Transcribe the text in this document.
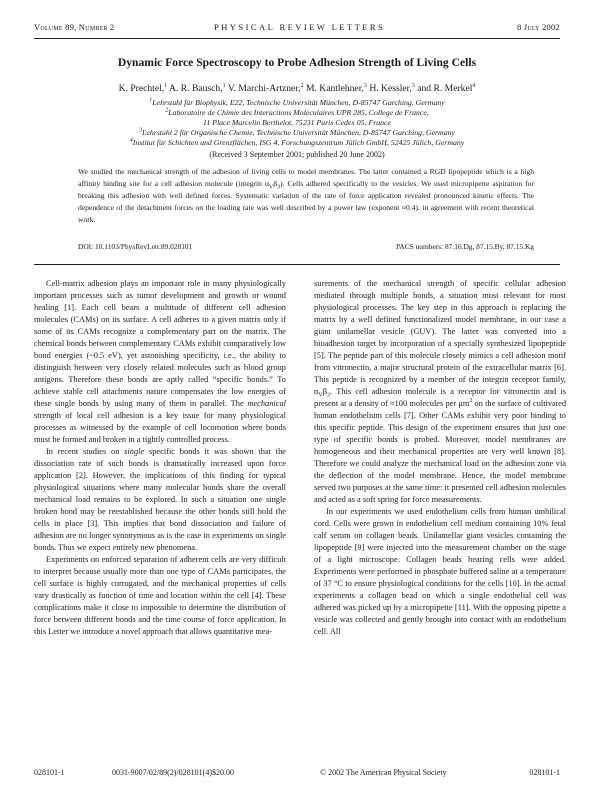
Volume 89, Number 2	PHYSICAL REVIEW LETTERS	8 July 2002
Dynamic Force Spectroscopy to Probe Adhesion Strength of Living Cells

K. Prechtel,$^1$ A. R. Bausch,$^1$ V. Marchi-Artzner,$^2$ M. Kantlehner,$^3$ H. Kessler,$^3$ and R. Merkel$^4$

$^1$Lehrstuhl für Biophysik, E22, Technische Universität München, D-85747 Garching, Germany

$^2$Laboratoire de Chimie des Interactions Moleculaires UPR 285, College de France,

11 Place Marcelin Berthelot, 75231 Paris Cedex 05, France

$^3$Lehrstuhl 2 für Organische Chemie, Technische Universität München, D-85747 Garching, Germany

$^4$Institut für Schichten und Grenzflächen, ISG 4, Forschungszentrum Jülich GmbH, 52425 Jülich, Germany

(Received 3 September 2001; published 20 June 2002)

We studied the mechanical strength of the adhesion of living cells to model membranes. The latter contained a RGD lipopeptide which is a high affinity binding site for a cell adhesion molecule (integrin $\alpha_V\beta_3$). Cells adhered specifically to the vesicles. We used micropipette aspiration for breaking this adhesion with well defined forces. Systematic variation of the rate of force application revealed pronounced kinetic effects. The dependence of the detachment forces on the loading rate was well described by a power law (exponent ≈0.4), in agreement with recent theoretical work.

DOI: 10.1103/PhysRevLett.89.028101	PACS numbers: 87.16.Dg, 87.15.By, 87.15.Kg

Cell-matrix adhesion plays an important role in many physiologically important processes such as tumor development and growth or wound healing [1]. Each cell bears a multitude of different cell adhesion molecules (CAMs) on its surface. A cell adheres to a given matrix only if some of its CAMs recognize a complementary part on the matrix. The chemical bonds between complementary CAMs exhibit comparatively low bond energies (~0.5 eV), yet astonishing specificity, i.e., the ability to distinguish between very closely related molecules such as blood group antigens. Therefore these bonds are aptly called “specific bonds.” To achieve stable cell attachments nature compensates the low energies of these single bonds by using many of them in parallel. The mechanical strength of local cell adhesion is a key issue for many physiological processes as witnessed by the example of cell locomotion where bonds must be formed and broken in a tightly controlled process.

In recent studies on single specific bonds it was shown that the dissociation rate of such bonds is dramatically increased upon force application [2]. However, the implications of this finding for typical physiological situations where many molecular bonds share the overall mechanical load remains to be explored. In such a situation one single broken bond may be reestablished because the other bonds still hold the cells in place [3]. This implies that bond dissociation and failure of adhesion are no longer synonymous as is the case in experiments on single bonds. Thus we expect entirely new phenomena.

Experiments on enforced separation of adherent cells are very difficult to interpret because usually more than one type of CAMs participates, the cell surface is highly corrugated, and the mechanical properties of cells vary drastically as function of time and location within the cell [4]. These complications make it close to impossible to determine the distribution of force between different bonds and the time course of force application. In this Letter we introduce a novel approach that allows quantitative mea-

surements of the mechanical strength of specific cellular adhesion mediated through multiple bonds, a situation most relevant for most physiological processes. The key step in this approach is replacing the matrix by a well defined functionalized model membrane, in our case a giant unilamellar vesicle (GUV). The latter was converted into a bioadhesion target by incorporation of a specially synthesized lipopeptide [5]. The peptide part of this molecule closely mimics a cell adhesion motif from vitronectin, a major structural protein of the extracellular matrix [6]. This peptide is recognized by a member of the integrin receptor family, $\alpha_V\beta_3$. This cell adhesion molecule is a receptor for vitronectin and is present at a density of ≈100 molecules per $\mu m^2$ on the surface of cultivated human endothelium cells [7]. Other CAMs exhibit very poor binding to this specific peptide. This design of the experiment ensures that just one type of specific bonds is probed. Moreover, model membranes are homogeneous and their mechanical properties are very well known [8]. Therefore we could analyze the mechanical load on the adhesion zone via the deflection of the model membrane. Hence, the model membrane served two purposes at the same time: it presented cell adhesion molecules and acted as a soft spring for force measurements.

In our experiments we used endothelium cells from human umbilical cord. Cells were grown in endothelium cell medium containing 10% fetal calf serum on collagen beads. Unilamellar giant vesicles containing the lipopeptide [9] were injected into the measurement chamber on the stage of a light microscope. Collagen beads bearing cells were added. Experiments were performed in phosphate buffered saline at a temperature of 37 °C to ensure physiological conditions for the cells [10]. In the actual experiments a collagen bead on which a single endothelial cell was adhered was picked up by a micropipette [11]. With the opposing pipette a vesicle was collected and gently brought into contact with an endothelium cell. All

028101-1	0031-9007/02/89(2)/028101(4)$20.00	© 2002 The American Physical Society	028101-1
